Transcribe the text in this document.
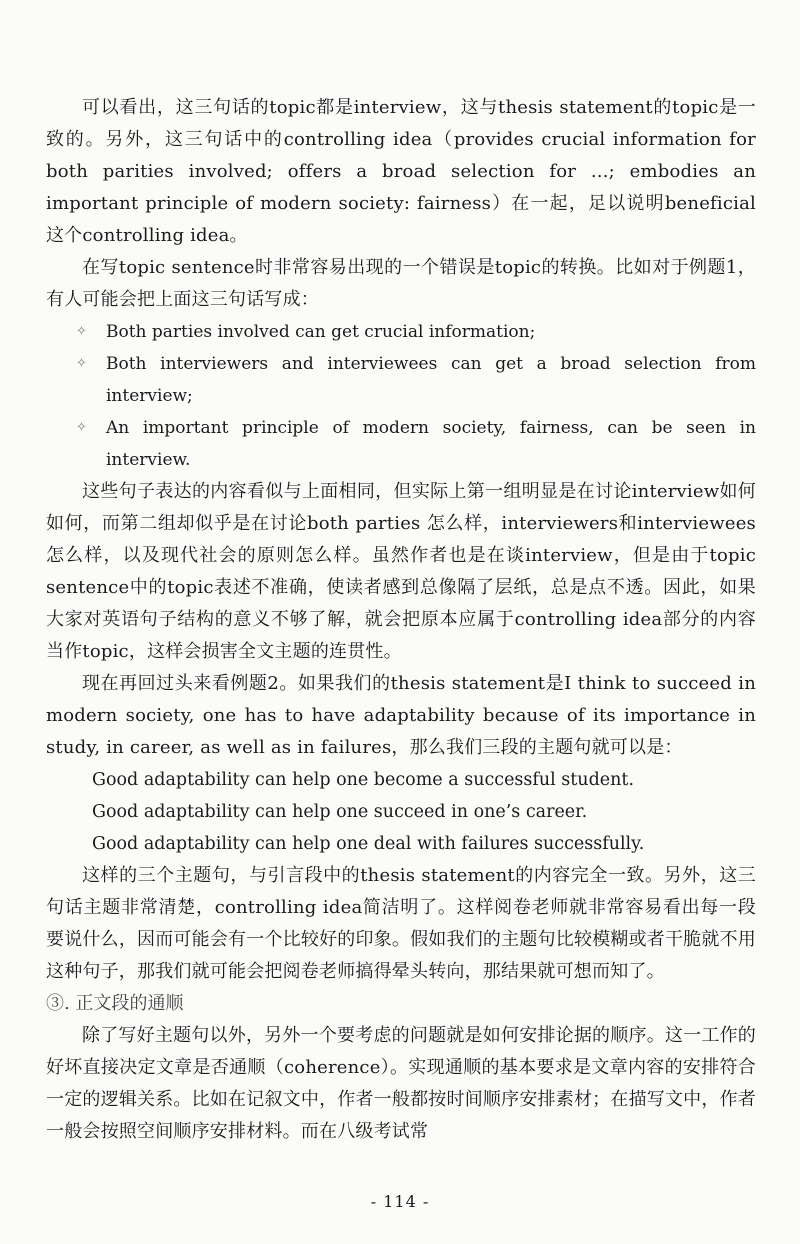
可以看出，这三句话的topic都是interview，这与thesis statement的topic是一致的。另外，这三句话中的controlling idea（provides crucial information for both parities involved; offers a broad selection for ...; embodies an important principle of modern society: fairness）在一起，足以说明beneficial这个controlling idea。

在写topic sentence时非常容易出现的一个错误是topic的转换。比如对于例题1，有人可能会把上面这三句话写成：

✧	Both parties involved can get crucial information;
✧	Both interviewers and interviewees can get a broad selection from interview;
✧	An important principle of modern society, fairness, can be seen in interview.

这些句子表达的内容看似与上面相同，但实际上第一组明显是在讨论interview如何如何，而第二组却似乎是在讨论both parties 怎么样，interviewers和interviewees怎么样，以及现代社会的原则怎么样。虽然作者也是在谈interview，但是由于topic sentence中的topic表述不准确，使读者感到总像隔了层纸，总是点不透。因此，如果大家对英语句子结构的意义不够了解，就会把原本应属于controlling idea部分的内容当作topic，这样会损害全文主题的连贯性。

现在再回过头来看例题2。如果我们的thesis statement是I think to succeed in modern society, one has to have adaptability because of its importance in study, in career, as well as in failures，那么我们三段的主题句就可以是：

Good adaptability can help one become a successful student.

Good adaptability can help one succeed in one’s career.

Good adaptability can help one deal with failures successfully.

这样的三个主题句，与引言段中的thesis statement的内容完全一致。另外，这三句话主题非常清楚，controlling idea简洁明了。这样阅卷老师就非常容易看出每一段要说什么，因而可能会有一个比较好的印象。假如我们的主题句比较模糊或者干脆就不用这种句子，那我们就可能会把阅卷老师搞得晕头转向，那结果就可想而知了。

③. 正文段的通顺

除了写好主题句以外，另外一个要考虑的问题就是如何安排论据的顺序。这一工作的好坏直接决定文章是否通顺（coherence）。实现通顺的基本要求是文章内容的安排符合一定的逻辑关系。比如在记叙文中，作者一般都按时间顺序安排素材；在描写文中，作者一般会按照空间顺序安排材料。而在八级考试常

- 114 -
